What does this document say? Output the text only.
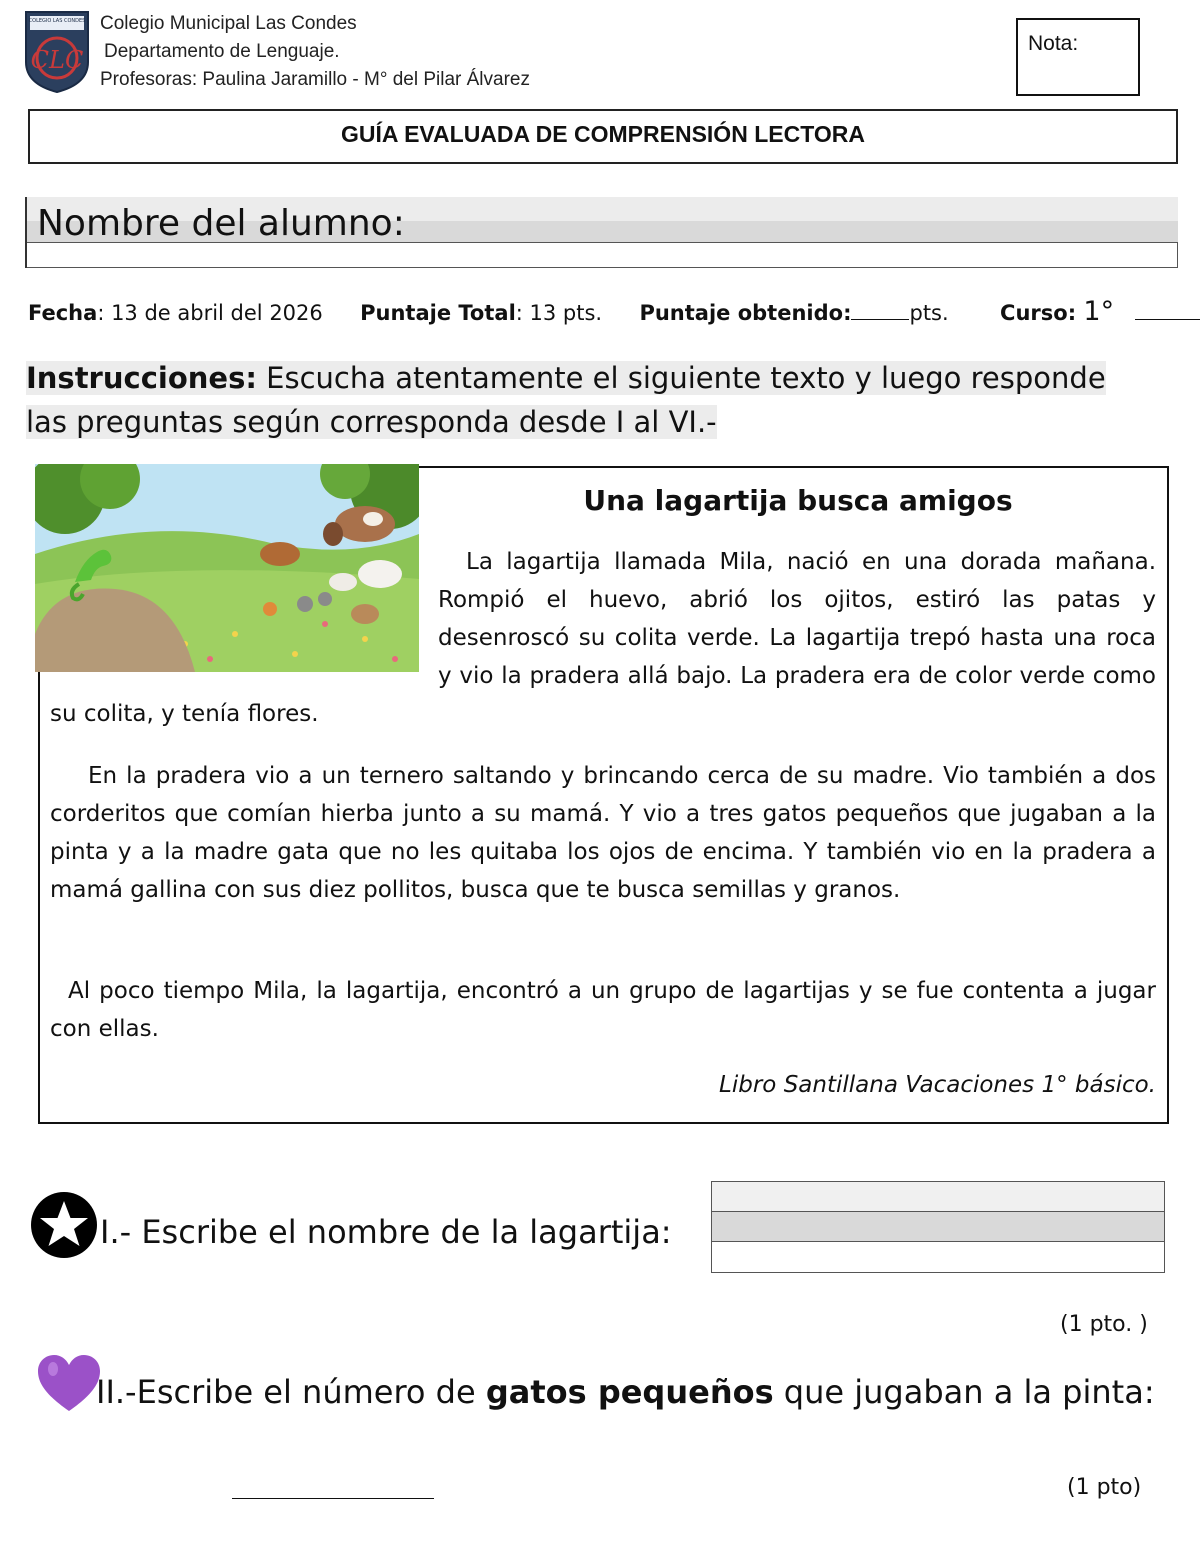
COLEGIO LAS CONDES
CLC
Colegio Municipal Las Condes
Departamento de Lenguaje.
Profesoras: Paulina Jaramillo - M° del Pilar Álvarez
Nota:
GUÍA EVALUADA DE COMPRENSIÓN LECTORA
Nombre del alumno:
Fecha: 13 de abril del 2026 Puntaje Total: 13 pts. Puntaje obtenido:	pts. Curso: 1°
Instrucciones: Escucha atentamente el siguiente texto y luego responde las preguntas según corresponda desde I al VI.-
Una lagartija busca amigos
La lagartija llamada Mila, nació en una dorada mañana. Rompió el huevo, abrió los ojitos, estiró las patas y desenroscó su colita verde. La lagartija trepó hasta una roca y vio la pradera allá bajo. La pradera era de color verde como su colita, y tenía flores.
En la pradera vio a un ternero saltando y brincando cerca de su madre. Vio también a dos corderitos que comían hierba junto a su mamá. Y vio a tres gatos pequeños que jugaban a la pinta y a la madre gata que no les quitaba los ojos de encima. Y también vio en la pradera a mamá gallina con sus diez pollitos, busca que te busca semillas y granos.
Al poco tiempo Mila, la lagartija, encontró a un grupo de lagartijas y se fue contenta a jugar con ellas.
Libro Santillana Vacaciones 1° básico.
I.- Escribe el nombre de la lagartija:
(1 pto. )
II.-Escribe el número de gatos pequeños que jugaban a la pinta:
(1 pto)
